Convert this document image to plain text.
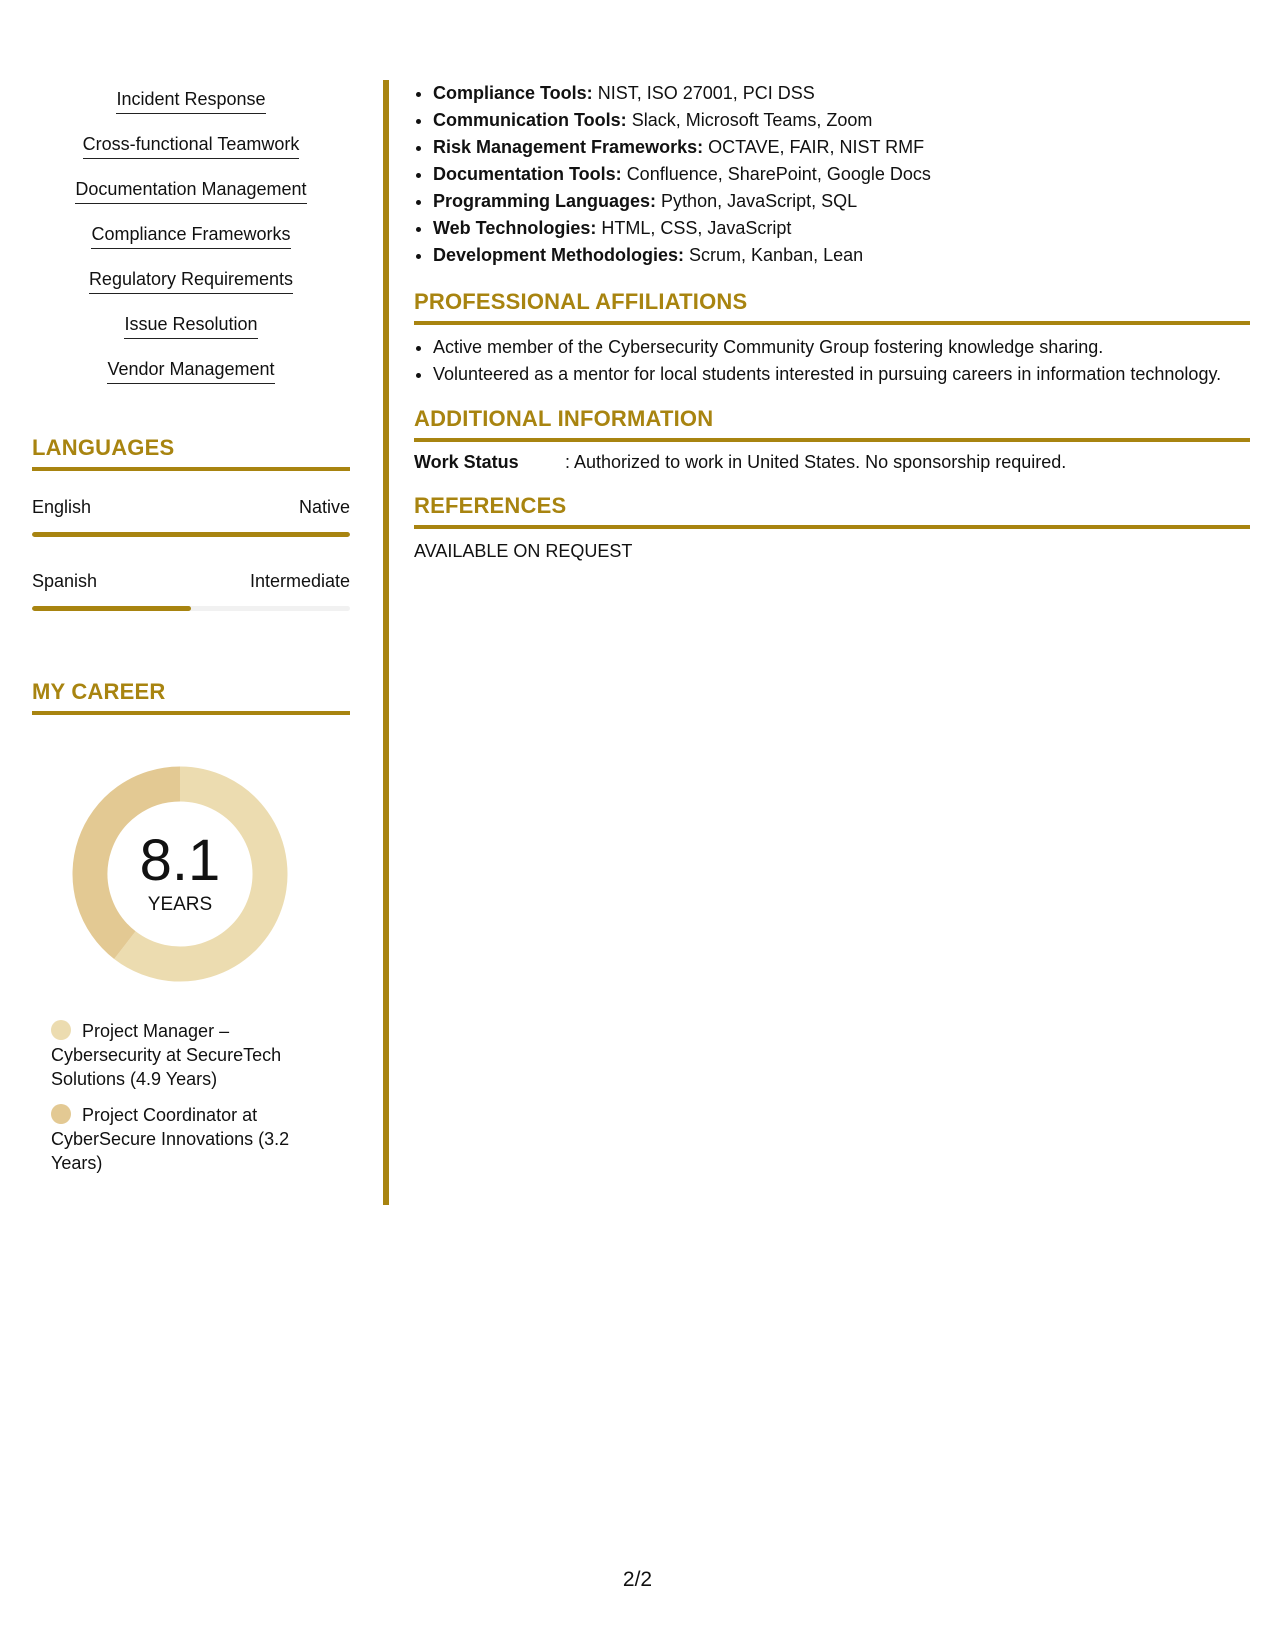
Incident Response
Cross-functional Teamwork
Documentation Management
Compliance Frameworks
Regulatory Requirements
Issue Resolution
Vendor Management
LANGUAGES
English	Native
Spanish	Intermediate
MY CAREER
8.1
YEARS
Project Manager – Cybersecurity at SecureTech Solutions (4.9 Years)
Project Coordinator at CyberSecure Innovations (3.2 Years)
• Compliance Tools: NIST, ISO 27001, PCI DSS
• Communication Tools: Slack, Microsoft Teams, Zoom
• Risk Management Frameworks: OCTAVE, FAIR, NIST RMF
• Documentation Tools: Confluence, SharePoint, Google Docs
• Programming Languages: Python, JavaScript, SQL
• Web Technologies: HTML, CSS, JavaScript
• Development Methodologies: Scrum, Kanban, Lean
PROFESSIONAL AFFILIATIONS
• Active member of the Cybersecurity Community Group fostering knowledge sharing.
• Volunteered as a mentor for local students interested in pursuing careers in information technology.
ADDITIONAL INFORMATION
Work Status	: Authorized to work in United States. No sponsorship required.
REFERENCES
AVAILABLE ON REQUEST
2/2
